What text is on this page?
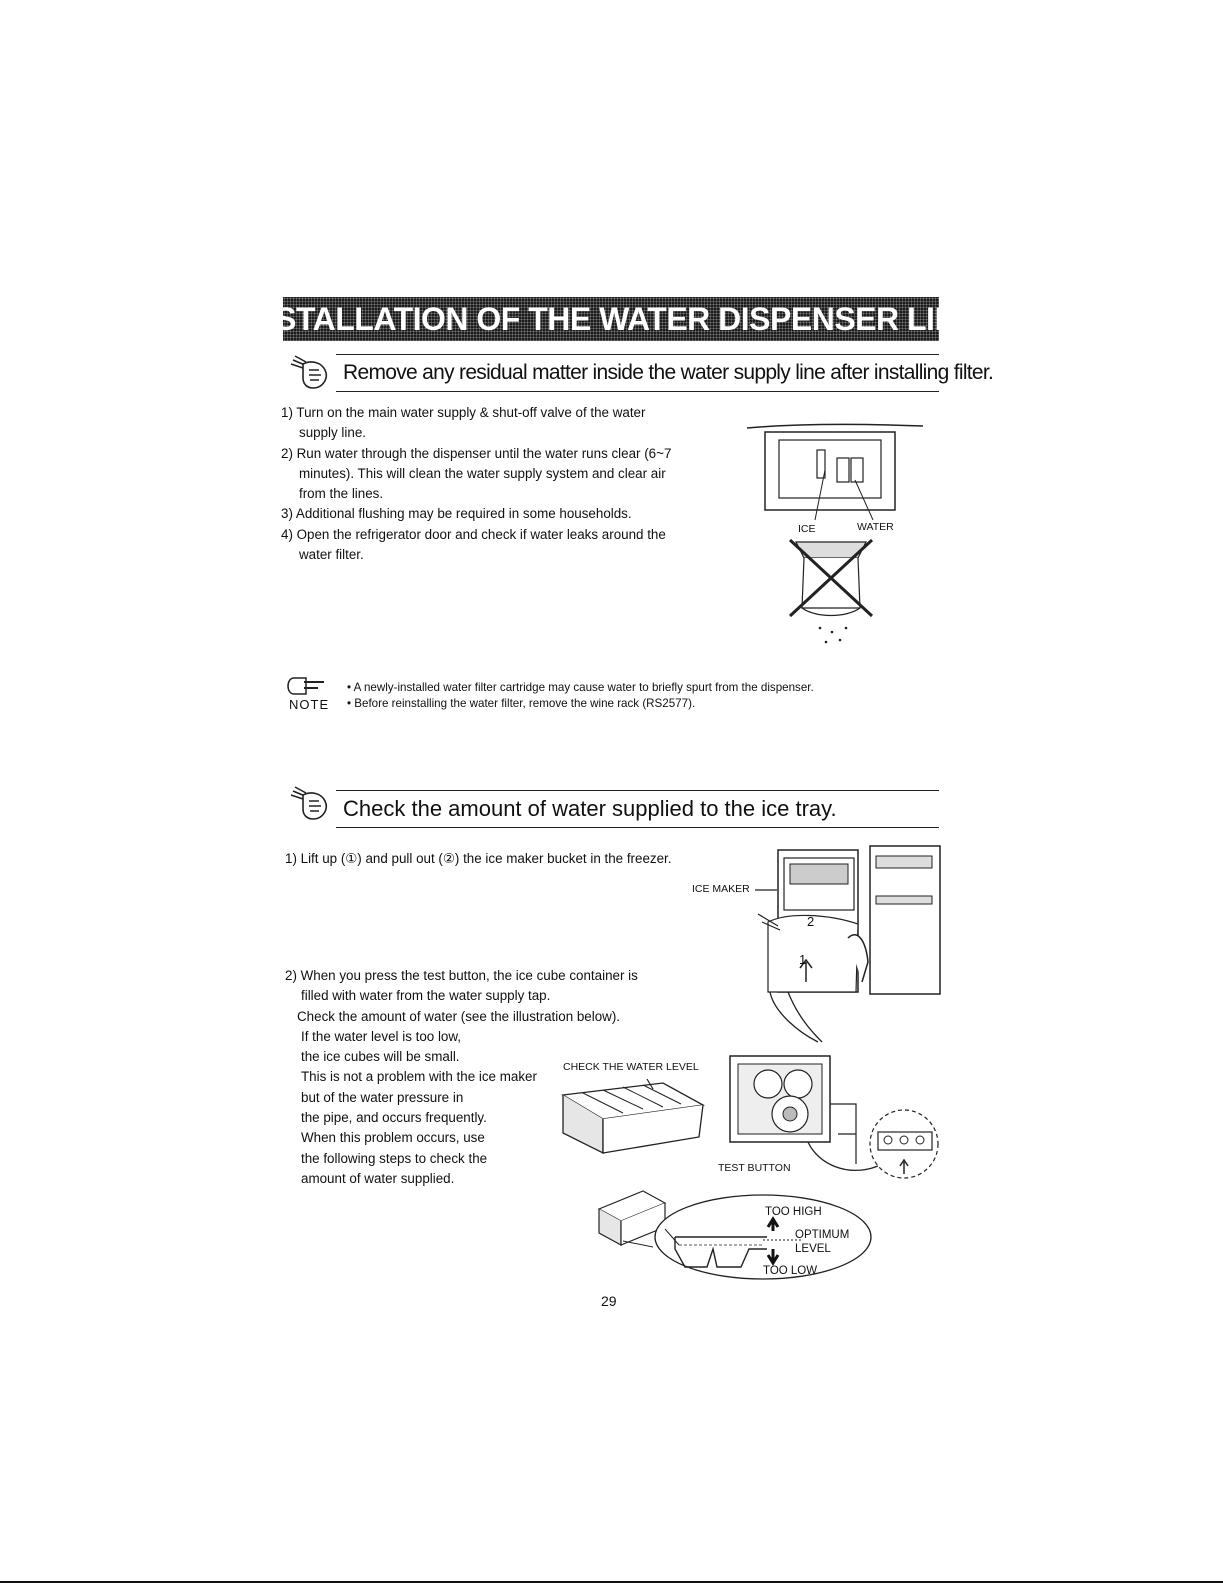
INSTALLATION OF THE WATER DISPENSER LINE
Remove any residual matter inside the water supply line after installing filter.
1) Turn on the main water supply & shut-off valve of the water supply line.
2) Run water through the dispenser until the water runs clear (6~7 minutes). This will clean the water supply system and clear air from the lines.
3) Additional flushing may be required in some households.
4) Open the refrigerator door and check if water leaks around the water filter.
ICE	WATER
NOTE
• A newly-installed water filter cartridge may cause water to briefly spurt from the dispenser.
• Before reinstalling the water filter, remove the wine rack (RS2577).
Check the amount of water supplied to the ice tray.
1) Lift up (①) and pull out (②) the ice maker bucket in the freezer.
ICE MAKER
2
1
2) When you press the test button, the ice cube container is
filled with water from the water supply tap.
Check the amount of water (see the illustration below).
If the water level is too low,
the ice cubes will be small.
This is not a problem with the ice maker
but of the water pressure in
the pipe, and occurs frequently.
When this problem occurs, use
the following steps to check the
amount of water supplied.
CHECK THE WATER LEVEL
TEST BUTTON
TOO HIGH
OPTIMUM
LEVEL
TOO LOW
29
